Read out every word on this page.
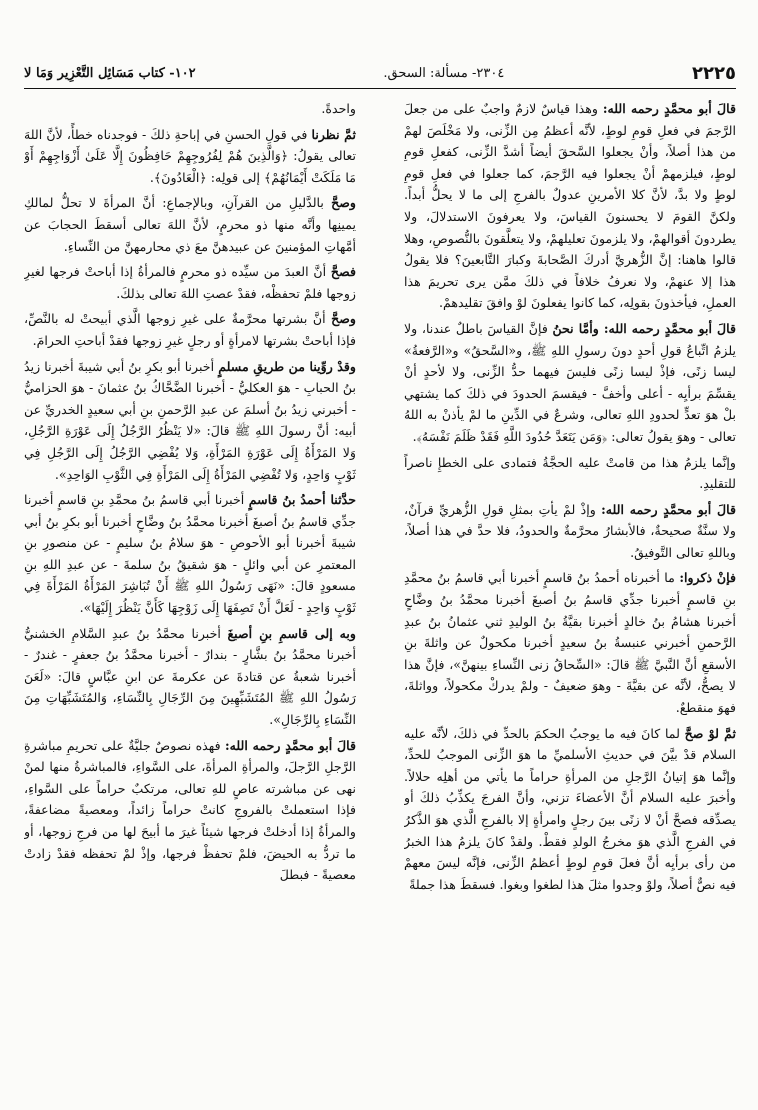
٢٢٢٥
٢٣٠٤- مسألة: السحق.
١٠٢- كتاب مَسَائِل التَّعْزِير وَمَا لا

قالَ أبو محمَّدٍ رحمه الله: وهذا قياسٌ لازمٌ واجبٌ على من جعلَ الرَّجمَ في فعلِ قومِ لوطٍ، لأنَّه أعظمُ مِن الزِّنى، ولا مَخْلَصَ لهمْ من هذا أصلاً، وأنْ يجعلوا السَّحقَ أيضاً أشدَّ الزِّنى، كفعلِ قومِ لوطٍ، فيلزمهمْ أنْ يجعلوا فيه الرَّجمَ، كما جعلوا في فعلِ قومِ لوطٍ ولا بدَّ، لأنَّ كلا الأمرينِ عدولٌ بالفرجِ إلى ما لا يحلُّ أبداً. ولكنَّ القومَ لا يحسنونَ القياسَ، ولا يعرفونَ الاستدلالَ، ولا يطردونَ أقوالهمْ، ولا يلزمونَ تعليلهمْ، ولا يتعلَّقونَ بالنُّصوصِ، وهلا قالوا هاهنا: إنَّ الزُّهريَّ أدركَ الصَّحابةَ وكبارَ التَّابعينَ؟ فلا يقولُ هذا إلا عنهمْ، ولا نعرفُ خلافاً في ذلكَ ممَّن يرى تحريمَ هذا العملِ، فيأخذونَ بقولِه، كما كانوا يفعلونَ لوْ وافقَ تقليدهمْ.

قالَ أبو محمَّدٍ رحمه الله: وأمَّا نحنُ فإنَّ القياسَ باطلٌ عندنا، ولا يلزمُ اتِّباعُ قولِ أحدٍ دونَ رسولِ اللهِ ﷺ، و«السَّحقُ» و«الرَّفعةُ» ليسا زنًى، فإذْ ليسا زنًى فليسَ فيهما حدُّ الزِّنى، ولا لأحدٍ أنْ يقسِّمَ برأيِه - أعلى وأخفَّ - فيقسمَ الحدودَ في ذلكَ كما يشتهي بلْ هوَ تعدٍّ لحدودِ اللهِ تعالى، وشرعٌ في الدِّينِ ما لمْ يأذنْ به اللهُ تعالى - وهوَ يقولُ تعالى: ﴿وَمَن يَتَعَدَّ حُدُودَ اللَّهِ فَقَدْ ظَلَمَ نَفْسَهُ﴾.

وإنَّما يلزمُ هذا من قامتْ عليه الحجَّةُ فتمادى على الخطإِ ناصراً للتقليدِ.

قالَ أبو محمَّدٍ رحمه الله: وإذْ لمْ يأتِ بمثلِ قولِ الزُّهريِّ قرآنٌ، ولا سنَّةٌ صحيحةٌ، فالأبشارُ محرَّمةٌ والحدودُ، فلا حدَّ في هذا أصلاً، وباللهِ تعالى التَّوفيقُ.

فإنْ ذكروا: ما أخبرناه أحمدُ بنُ قاسمٍ أخبرنا أبي قاسمُ بنُ محمَّدِ بنِ قاسمٍ أخبرنا جدِّي قاسمُ بنُ أصبغَ أخبرنا محمَّدُ بنُ وضَّاحٍ أخبرنا هشامُ بنُ خالدٍ أخبرنا بقيَّةُ بنُ الوليدِ ثني عثمانُ بنُ عبدِ الرَّحمنِ أخبرني عنبسةُ بنُ سعيدٍ أخبرنا مكحولٌ عن واثلةَ بنِ الأسقعِ أنَّ النَّبيَّ ﷺ قالَ: «السِّحاقُ زنى النِّساءِ بينهنَّ»، فإنَّ هذا لا يصحُّ، لأنَّه عن بقيَّةَ - وهوَ ضعيفٌ - ولمْ يدركْ مكحولاً، وواثلةَ، فهوَ منقطعٌ.

ثمَّ لوْ صحَّ لما كانَ فيه ما يوجبُ الحكمَ بالحدِّ في ذلكَ، لأنَّه عليه السلام قدْ بيَّنَ في حديثِ الأسلميِّ ما هوَ الزِّنى الموجبُ للحدِّ، وإنَّما هوَ إتيانُ الرَّجلِ من المرأةِ حراماً ما يأتي من أهلِه حلالاً. وأخبرَ عليه السلام أنَّ الأعضاءَ تزني، وأنَّ الفرجَ يكذِّبُ ذلكَ أو يصدِّقه فصحَّ أنْ لا زنًى بينَ رجلٍ وامرأةٍ إلا بالفرجِ الَّذي هوَ الذَّكرُ في الفرجِ الَّذي هوَ مخرجُ الولدِ فقطْ. ولقدْ كانَ يلزمُ هذا الخبرُ من رأى برأيِه أنَّ فعلَ قومِ لوطٍ أعظمُ الزِّنى، فإنَّه ليسَ معهمْ فيه نصٌّ أصلاً، ولوْ وجدوا مثلَ هذا لطغوا وبغوا. فسقطَ هذا جملةً

واحدةً.

ثمَّ نظرنا في قولِ الحسنِ في إباحةِ ذلكَ - فوجدناه خطأً، لأنَّ اللهَ تعالى يقولُ: ﴿وَالَّذِينَ هُمْ لِفُرُوجِهِمْ حَافِظُونَ إِلَّا عَلَىٰ أَزْوَاجِهِمْ أَوْ مَا مَلَكَتْ أَيْمَانُهُمْ﴾ إلى قولِه: ﴿الْعَادُونَ﴾.

وصحَّ بالدَّليلِ من القرآنِ، وبالإجماعِ: أنَّ المرأةَ لا تحلُّ لمالكِ يمينِها وأنَّه منها ذو محرمٍ، لأنَّ اللهَ تعالى أسقطَ الحجابَ عن أمَّهاتِ المؤمنينَ عن عبيدهنَّ معَ ذي محارمهنَّ من النِّساءِ.

فصحَّ أنَّ العبدَ من سيِّده ذو محرمٍ فالمرأةُ إذا أباحتْ فرجها لغيرِ زوجها فلمْ تحفظْه، فقدْ عصتِ اللهَ تعالى بذلكَ.

وصحَّ أنَّ بشرتها محرَّمةٌ على غيرِ زوجها الَّذي أبيحتْ له بالنَّصِّ، فإذا أباحتْ بشرتها لامرأةٍ أو رجلٍ غيرِ زوجها فقدْ أباحتِ الحرامَ.

وقدْ روِّينا من طريقِ مسلمٍ أخبرنا أبو بكرِ بنُ أبي شيبةَ أخبرنا زيدُ بنُ الحبابِ - هوَ العكليُّ - أخبرنا الضَّحَّاكُ بنُ عثمانَ - هوَ الحزاميُّ - أخبرني زيدُ بنُ أسلمَ عن عبدِ الرَّحمنِ بنِ أبي سعيدٍ الخدريِّ عن أبيه: أنَّ رسولَ اللهِ ﷺ قالَ: «لا يَنْظُرُ الرَّجُلُ إِلَى عَوْرَةِ الرَّجُلِ، وَلا المَرْأَةُ إِلَى عَوْرَةِ المَرْأَةِ، وَلا يُفْضِي الرَّجُلُ إِلَى الرَّجُلِ فِي ثَوْبٍ وَاحِدٍ، وَلا تُفْضِي المَرْأَةُ إِلَى المَرْأَةِ فِي الثَّوْبِ الوَاحِدِ».

حدَّثنا أحمدُ بنُ قاسمٍ أخبرنا أبي قاسمُ بنُ محمَّدِ بنِ قاسمٍ أخبرنا جدِّي قاسمُ بنُ أصبغَ أخبرنا محمَّدُ بنُ وضَّاحٍ أخبرنا أبو بكرِ بنُ أبي شيبةَ أخبرنا أبو الأحوصِ - هوَ سلامُ بنُ سليمٍ - عن منصورِ بنِ المعتمرِ عن أبي وائلٍ - هوَ شقيقُ بنُ سلمةَ - عن عبدِ اللهِ بنِ مسعودٍ قالَ: «نَهَى رَسُولُ اللهِ ﷺ أَنْ تُبَاشِرَ المَرْأَةُ المَرْأَةَ فِي ثَوْبٍ وَاحِدٍ - لَعَلَّ أَنْ تَصِفَهَا إِلَى زَوْجِهَا كَأَنَّ يَنْظُرَ إِلَيْهَا».

وبه إلى قاسمِ بنِ أصبغَ أخبرنا محمَّدُ بنُ عبدِ السَّلامِ الخشنيُّ أخبرنا محمَّدُ بنُ بشَّارٍ - بندارٌ - أخبرنا محمَّدُ بنُ جعفرٍ - غندرٌ - أخبرنا شعبةُ عن قتادةَ عن عكرمةَ عن ابنِ عبَّاسٍ قالَ: «لَعَنَ رَسُولُ اللهِ ﷺ المُتَشَبِّهِينَ مِنَ الرِّجَالِ بِالنِّسَاءِ، وَالمُتَشَبِّهَاتِ مِنَ النِّسَاءِ بِالرِّجَالِ».

قالَ أبو محمَّدٍ رحمه الله: فهذه نصوصٌ جليَّةٌ على تحريمِ مباشرةِ الرَّجلِ الرَّجلَ، والمرأةِ المرأةَ، على السَّواءِ، فالمباشرةُ منها لمنْ نهى عن مباشرته عاصٍ للهِ تعالى، مرتكبٌ حراماً على السَّواءِ، فإذا استعملتْ بالفروجِ كانتْ حراماً زائداً، ومعصيةً مضاعفةً، والمرأةُ إذا أدخلتْ فرجها شيئاً غيرَ ما أبيحَ لها من فرجِ زوجها، أو ما تردُّ به الحيضَ، فلمْ تحفظْ فرجها، وإذْ لمْ تحفظه فقدْ زادتْ معصيةً - فبطلَ
